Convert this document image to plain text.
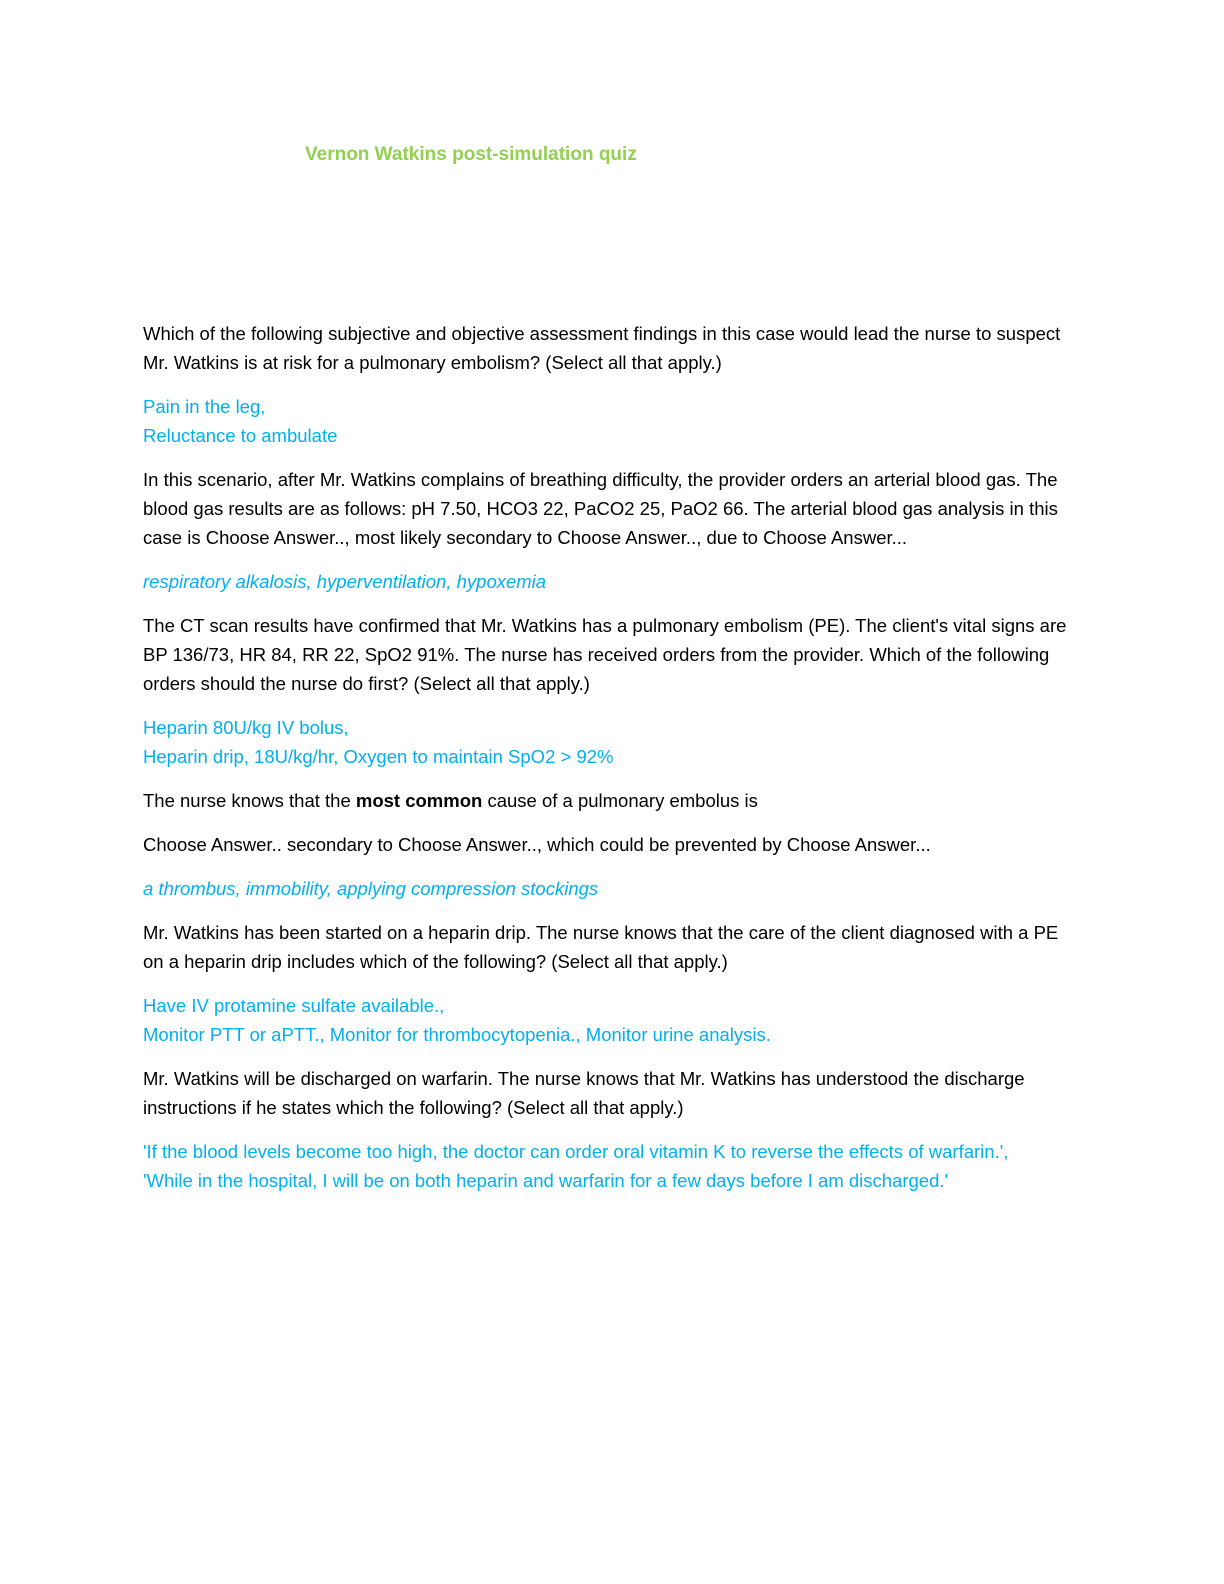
Vernon Watkins post-simulation quiz

Which of the following subjective and objective assessment findings in this case would lead the nurse to suspect Mr. Watkins is at risk for a pulmonary embolism? (Select all that apply.)

Pain in the leg,
Reluctance to ambulate

In this scenario, after Mr. Watkins complains of breathing difficulty, the provider orders an arterial blood gas. The blood gas results are as follows: pH 7.50, HCO3 22, PaCO2 25, PaO2 66. The arterial blood gas analysis in this case is Choose Answer.., most likely secondary to Choose Answer.., due to Choose Answer...

respiratory alkalosis, hyperventilation, hypoxemia

The CT scan results have confirmed that Mr. Watkins has a pulmonary embolism (PE). The client's vital signs are BP 136/73, HR 84, RR 22, SpO2 91%. The nurse has received orders from the provider. Which of the following orders should the nurse do first? (Select all that apply.)

Heparin 80U/kg IV bolus,
Heparin drip, 18U/kg/hr, Oxygen to maintain SpO2 > 92%

The nurse knows that the most common cause of a pulmonary embolus is

Choose Answer.. secondary to Choose Answer.., which could be prevented by Choose Answer...

a thrombus, immobility, applying compression stockings

Mr. Watkins has been started on a heparin drip. The nurse knows that the care of the client diagnosed with a PE on a heparin drip includes which of the following? (Select all that apply.)

Have IV protamine sulfate available.,
Monitor PTT or aPTT., Monitor for thrombocytopenia., Monitor urine analysis.

Mr. Watkins will be discharged on warfarin. The nurse knows that Mr. Watkins has understood the discharge instructions if he states which the following? (Select all that apply.)

'If the blood levels become too high, the doctor can order oral vitamin K to reverse the effects of warfarin.',
'While in the hospital, I will be on both heparin and warfarin for a few days before I am discharged.'
